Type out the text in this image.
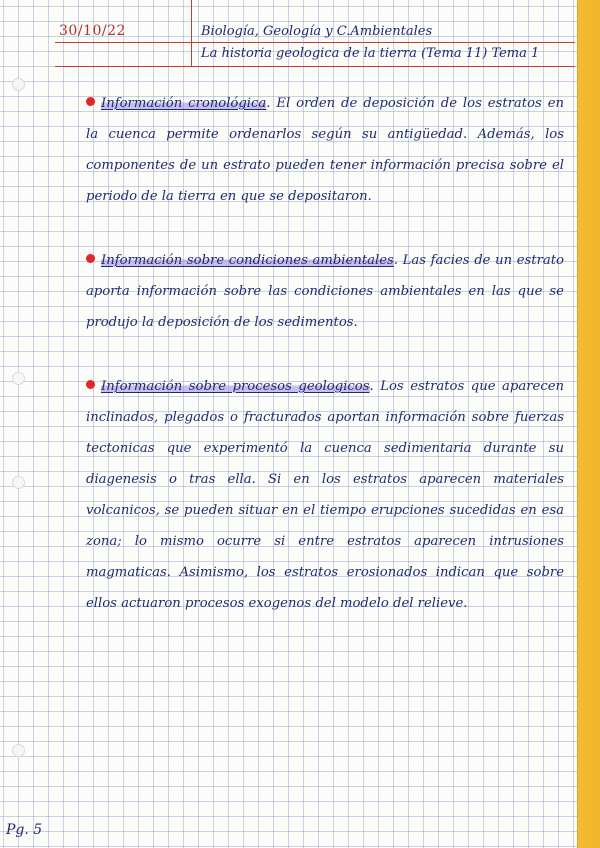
30/10/22	Biología, Geología y C.Ambientales
La historia geologica de la tierra (Tema 11) Tema 1

Información cronológica. El orden de deposición de los estratos en la cuenca permite ordenarlos según su antigüedad. Además, los componentes de un estrato pueden tener información precisa sobre el periodo de la tierra en que se depositaron.

Información sobre condiciones ambientales. Las facies de un estrato aporta información sobre las condiciones ambientales en las que se produjo la deposición de los sedimentos.

Información sobre procesos geologicos. Los estratos que aparecen inclinados, plegados o fracturados aportan información sobre fuerzas tectonicas que experimentó la cuenca sedimentaria durante su diagenesis o tras ella. Si en los estratos aparecen materiales volcanicos, se pueden situar en el tiempo erupciones sucedidas en esa zona; lo mismo ocurre si entre estratos aparecen intrusiones magmaticas. Asimismo, los estratos erosionados indican que sobre ellos actuaron procesos exogenos del modelo del relieve.

Pg. 5
